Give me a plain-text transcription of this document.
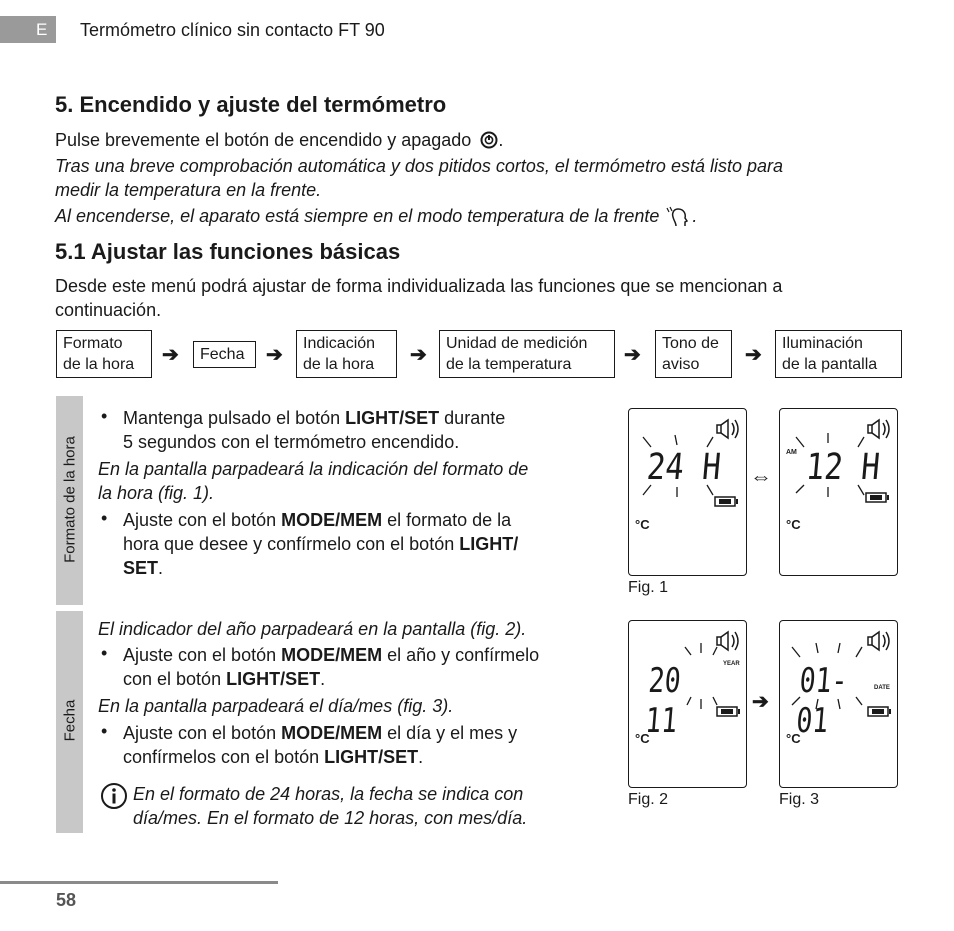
E Termómetro clínico sin contacto FT 90
5. Encendido y ajuste del termómetro
Pulse brevemente el botón de encendido y apagado .
Tras una breve comprobación automática y dos pitidos cortos, el termómetro está listo para
medir la temperatura en la frente.
Al encenderse, el aparato está siempre en el modo temperatura de la frente .
5.1 Ajustar las funciones básicas
Desde este menú podrá ajustar de forma individualizada las funciones que se mencionan a
continuación.
Formato
de la hora	➔ Fecha ➔
Indicación
de la hora	➔
Unidad de medición
de la temperatura	➔
Tono de
aviso	➔
Iluminación
de la pantalla
Formato de la hora
• Mantenga pulsado el botón LIGHT/SET durante
5 segundos con el termómetro encendido.
En la pantalla parpadeará la indicación del formato de
la hora (fig. 1).
• Ajuste con el botón MODE/MEM el formato de la
hora que desee y confírmelo con el botón LIGHT/
SET.
Fecha
El indicador del año parpadeará en la pantalla (fig. 2).
• Ajuste con el botón MODE/MEM el año y confírmelo
con el botón LIGHT/SET.
En la pantalla parpadeará el día/mes (fig. 3).
• Ajuste con el botón MODE/MEM el día y el mes y
confírmelos con el botón LIGHT/SET.
En el formato de 24 horas, la fecha se indica con
día/mes. En el formato de 12 horas, con mes/día.
24 H
°C
⇔
AM 12 H
°C
Fig. 1
20 11
YEAR
°C
Fig. 2
➔
01-01
DATE
°C
Fig. 3
58
